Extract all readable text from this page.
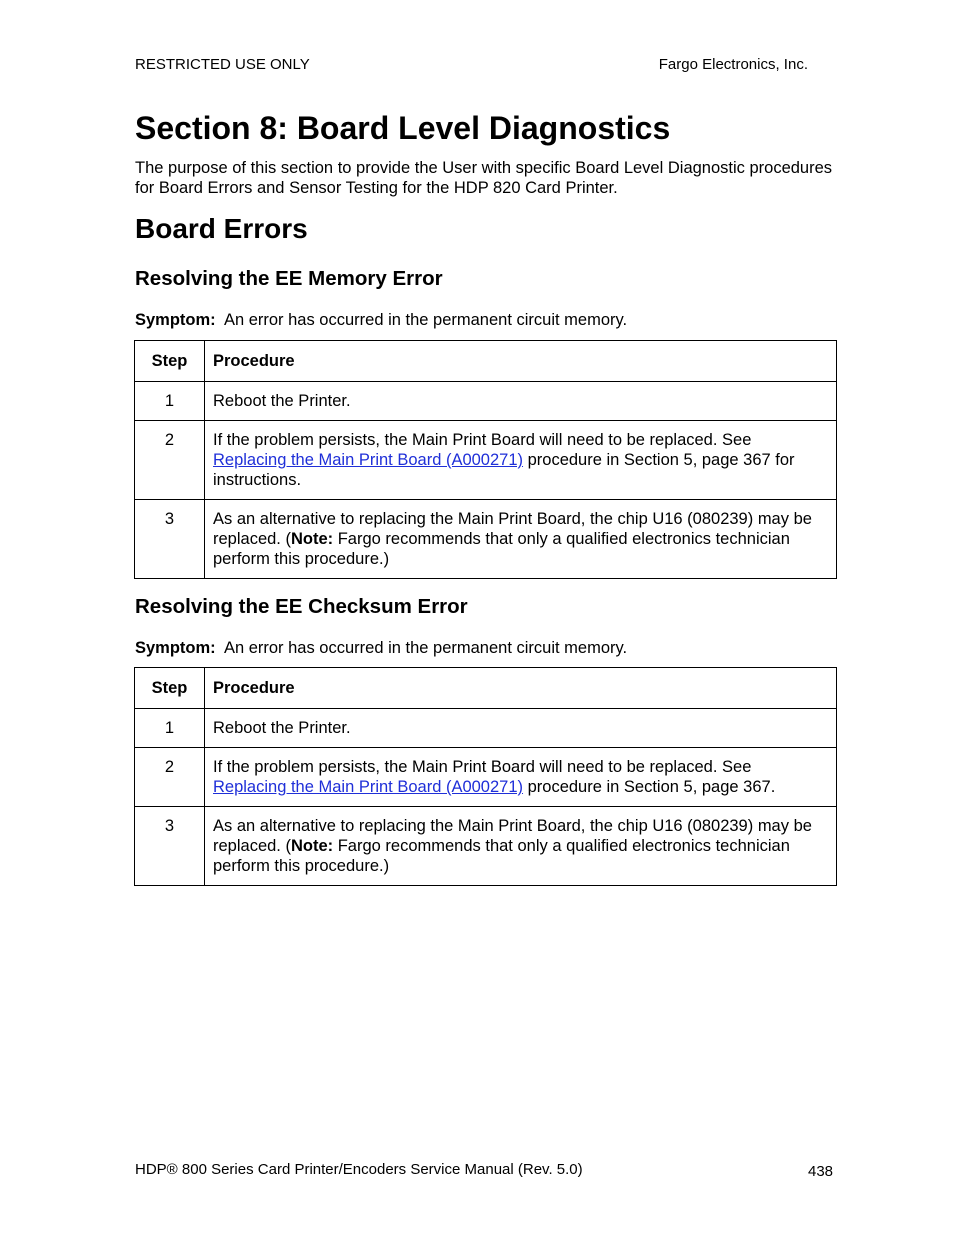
RESTRICTED USE ONLY	Fargo Electronics, Inc.
Section 8: Board Level Diagnostics

The purpose of this section to provide the User with specific Board Level Diagnostic procedures for Board Errors and Sensor Testing for the HDP 820 Card Printer.

Board Errors
Resolving the EE Memory Error
Symptom: An error has occurred in the permanent circuit memory.
Step	Procedure
1	Reboot the Printer.
2	If the problem persists, the Main Print Board will need to be replaced. See Replacing the Main Print Board (A000271) procedure in Section 5, page 367 for instructions.
3	As an alternative to replacing the Main Print Board, the chip U16 (080239) may be replaced. (Note: Fargo recommends that only a qualified electronics technician perform this procedure.)
Resolving the EE Checksum Error
Symptom: An error has occurred in the permanent circuit memory.
Step	Procedure
1	Reboot the Printer.
2	If the problem persists, the Main Print Board will need to be replaced. See Replacing the Main Print Board (A000271) procedure in Section 5, page 367.
3	As an alternative to replacing the Main Print Board, the chip U16 (080239) may be replaced. (Note: Fargo recommends that only a qualified electronics technician perform this procedure.)
HDP® 800 Series Card Printer/Encoders Service Manual (Rev. 5.0)	438
